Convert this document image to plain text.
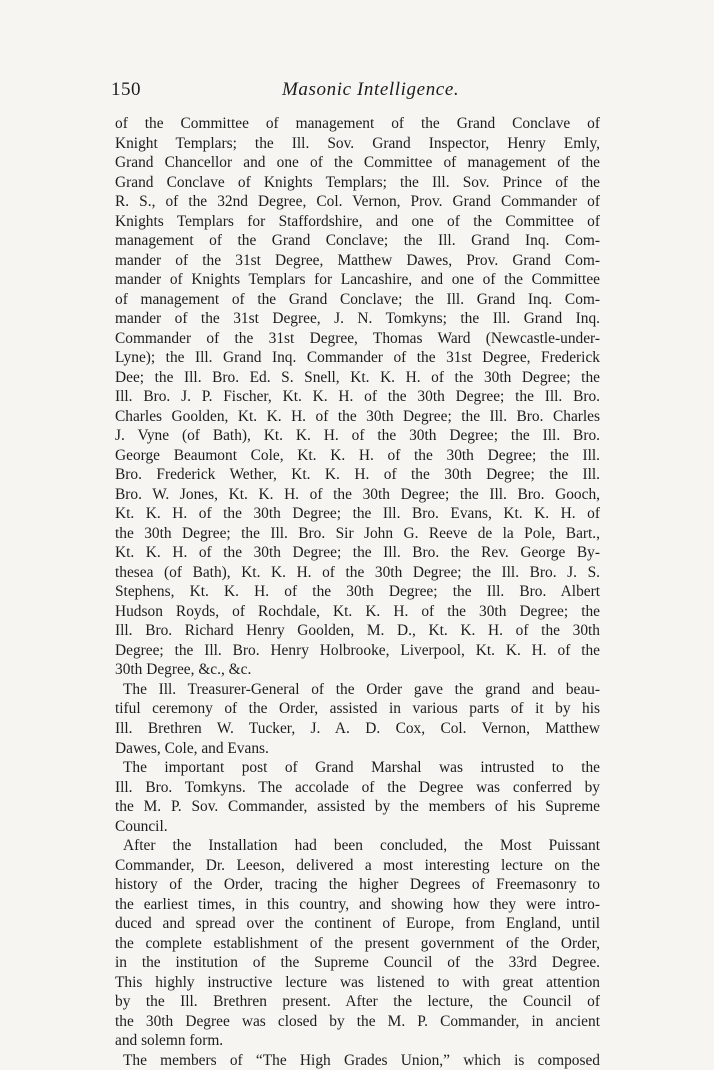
150	Masonic Intelligence.
of the Committee of management of the Grand Conclave of
Knight Templars; the Ill. Sov. Grand Inspector, Henry Emly,
Grand Chancellor and one of the Committee of management of the
Grand Conclave of Knights Templars; the Ill. Sov. Prince of the
R. S., of the 32nd Degree, Col. Vernon, Prov. Grand Commander of
Knights Templars for Staffordshire, and one of the Committee of
management of the Grand Conclave; the Ill. Grand Inq. Com-
mander of the 31st Degree, Matthew Dawes, Prov. Grand Com-
mander of Knights Templars for Lancashire, and one of the Committee
of management of the Grand Conclave; the Ill. Grand Inq. Com-
mander of the 31st Degree, J. N. Tomkyns; the Ill. Grand Inq.
Commander of the 31st Degree, Thomas Ward (Newcastle-under-
Lyne); the Ill. Grand Inq. Commander of the 31st Degree, Frederick
Dee; the Ill. Bro. Ed. S. Snell, Kt. K. H. of the 30th Degree; the
Ill. Bro. J. P. Fischer, Kt. K. H. of the 30th Degree; the Ill. Bro.
Charles Goolden, Kt. K. H. of the 30th Degree; the Ill. Bro. Charles
J. Vyne (of Bath), Kt. K. H. of the 30th Degree; the Ill. Bro.
George Beaumont Cole, Kt. K. H. of the 30th Degree; the Ill.
Bro. Frederick Wether, Kt. K. H. of the 30th Degree; the Ill.
Bro. W. Jones, Kt. K. H. of the 30th Degree; the Ill. Bro. Gooch,
Kt. K. H. of the 30th Degree; the Ill. Bro. Evans, Kt. K. H. of
the 30th Degree; the Ill. Bro. Sir John G. Reeve de la Pole, Bart.,
Kt. K. H. of the 30th Degree; the Ill. Bro. the Rev. George By-
thesea (of Bath), Kt. K. H. of the 30th Degree; the Ill. Bro. J. S.
Stephens, Kt. K. H. of the 30th Degree; the Ill. Bro. Albert
Hudson Royds, of Rochdale, Kt. K. H. of the 30th Degree; the
Ill. Bro. Richard Henry Goolden, M. D., Kt. K. H. of the 30th
Degree; the Ill. Bro. Henry Holbrooke, Liverpool, Kt. K. H. of the
30th Degree, &c., &c.
The Ill. Treasurer-General of the Order gave the grand and beau-
tiful ceremony of the Order, assisted in various parts of it by his
Ill. Brethren W. Tucker, J. A. D. Cox, Col. Vernon, Matthew
Dawes, Cole, and Evans.
The important post of Grand Marshal was intrusted to the
Ill. Bro. Tomkyns. The accolade of the Degree was conferred by
the M. P. Sov. Commander, assisted by the members of his Supreme
Council.
After the Installation had been concluded, the Most Puissant
Commander, Dr. Leeson, delivered a most interesting lecture on the
history of the Order, tracing the higher Degrees of Freemasonry to
the earliest times, in this country, and showing how they were intro-
duced and spread over the continent of Europe, from England, until
the complete establishment of the present government of the Order,
in the institution of the Supreme Council of the 33rd Degree.
This highly instructive lecture was listened to with great attention
by the Ill. Brethren present. After the lecture, the Council of
the 30th Degree was closed by the M. P. Commander, in ancient
and solemn form.
The members of “The High Grades Union,” which is composed
